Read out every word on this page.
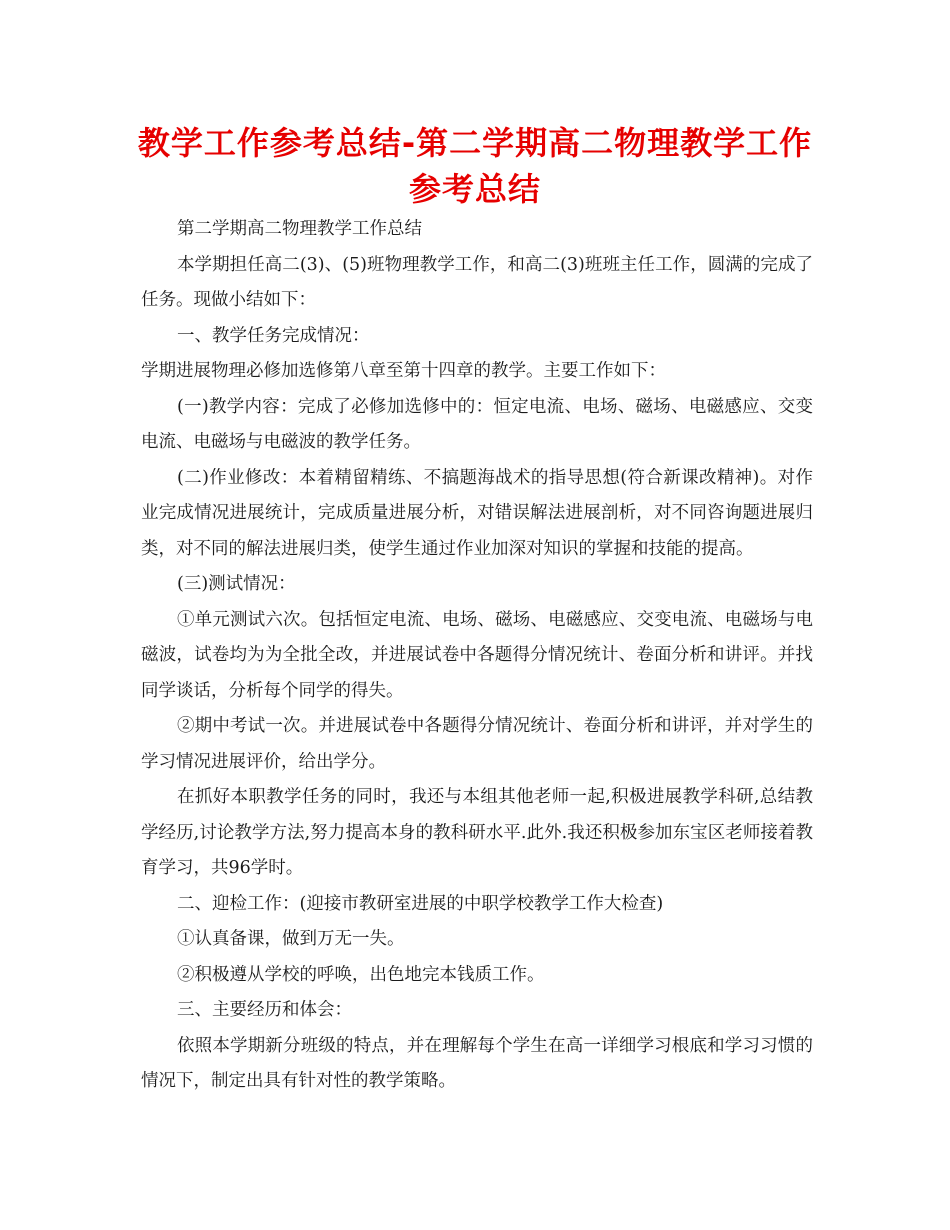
教学工作参考总结-第二学期高二物理教学工作参考总结

第二学期高二物理教学工作总结

本学期担任高二(3)、(5)班物理教学工作，和高二(3)班班主任工作，圆满的完成了任务。现做小结如下：

一、教学任务完成情况：

学期进展物理必修加选修第八章至第十四章的教学。主要工作如下：

(一)教学内容：完成了必修加选修中的：恒定电流、电场、磁场、电磁感应、交变电流、电磁场与电磁波的教学任务。

(二)作业修改：本着精留精练、不搞题海战术的指导思想(符合新课改精神)。对作业完成情况进展统计，完成质量进展分析，对错误解法进展剖析，对不同咨询题进展归类，对不同的解法进展归类，使学生通过作业加深对知识的掌握和技能的提高。

(三)测试情况：

①单元测试六次。包括恒定电流、电场、磁场、电磁感应、交变电流、电磁场与电磁波，试卷均为为全批全改，并进展试卷中各题得分情况统计、卷面分析和讲评。并找同学谈话，分析每个同学的得失。

②期中考试一次。并进展试卷中各题得分情况统计、卷面分析和讲评，并对学生的学习情况进展评价，给出学分。

在抓好本职教学任务的同时，我还与本组其他老师一起,积极进展教学科研,总结教学经历,讨论教学方法,努力提高本身的教科研水平.此外.我还积极参加东宝区老师接着教育学习，共96学时。

二、迎检工作：(迎接市教研室进展的中职学校教学工作大检查)

①认真备课，做到万无一失。

②积极遵从学校的呼唤，出色地完本钱质工作。

三、主要经历和体会：

依照本学期新分班级的特点，并在理解每个学生在高一详细学习根底和学习习惯的情况下，制定出具有针对性的教学策略。
